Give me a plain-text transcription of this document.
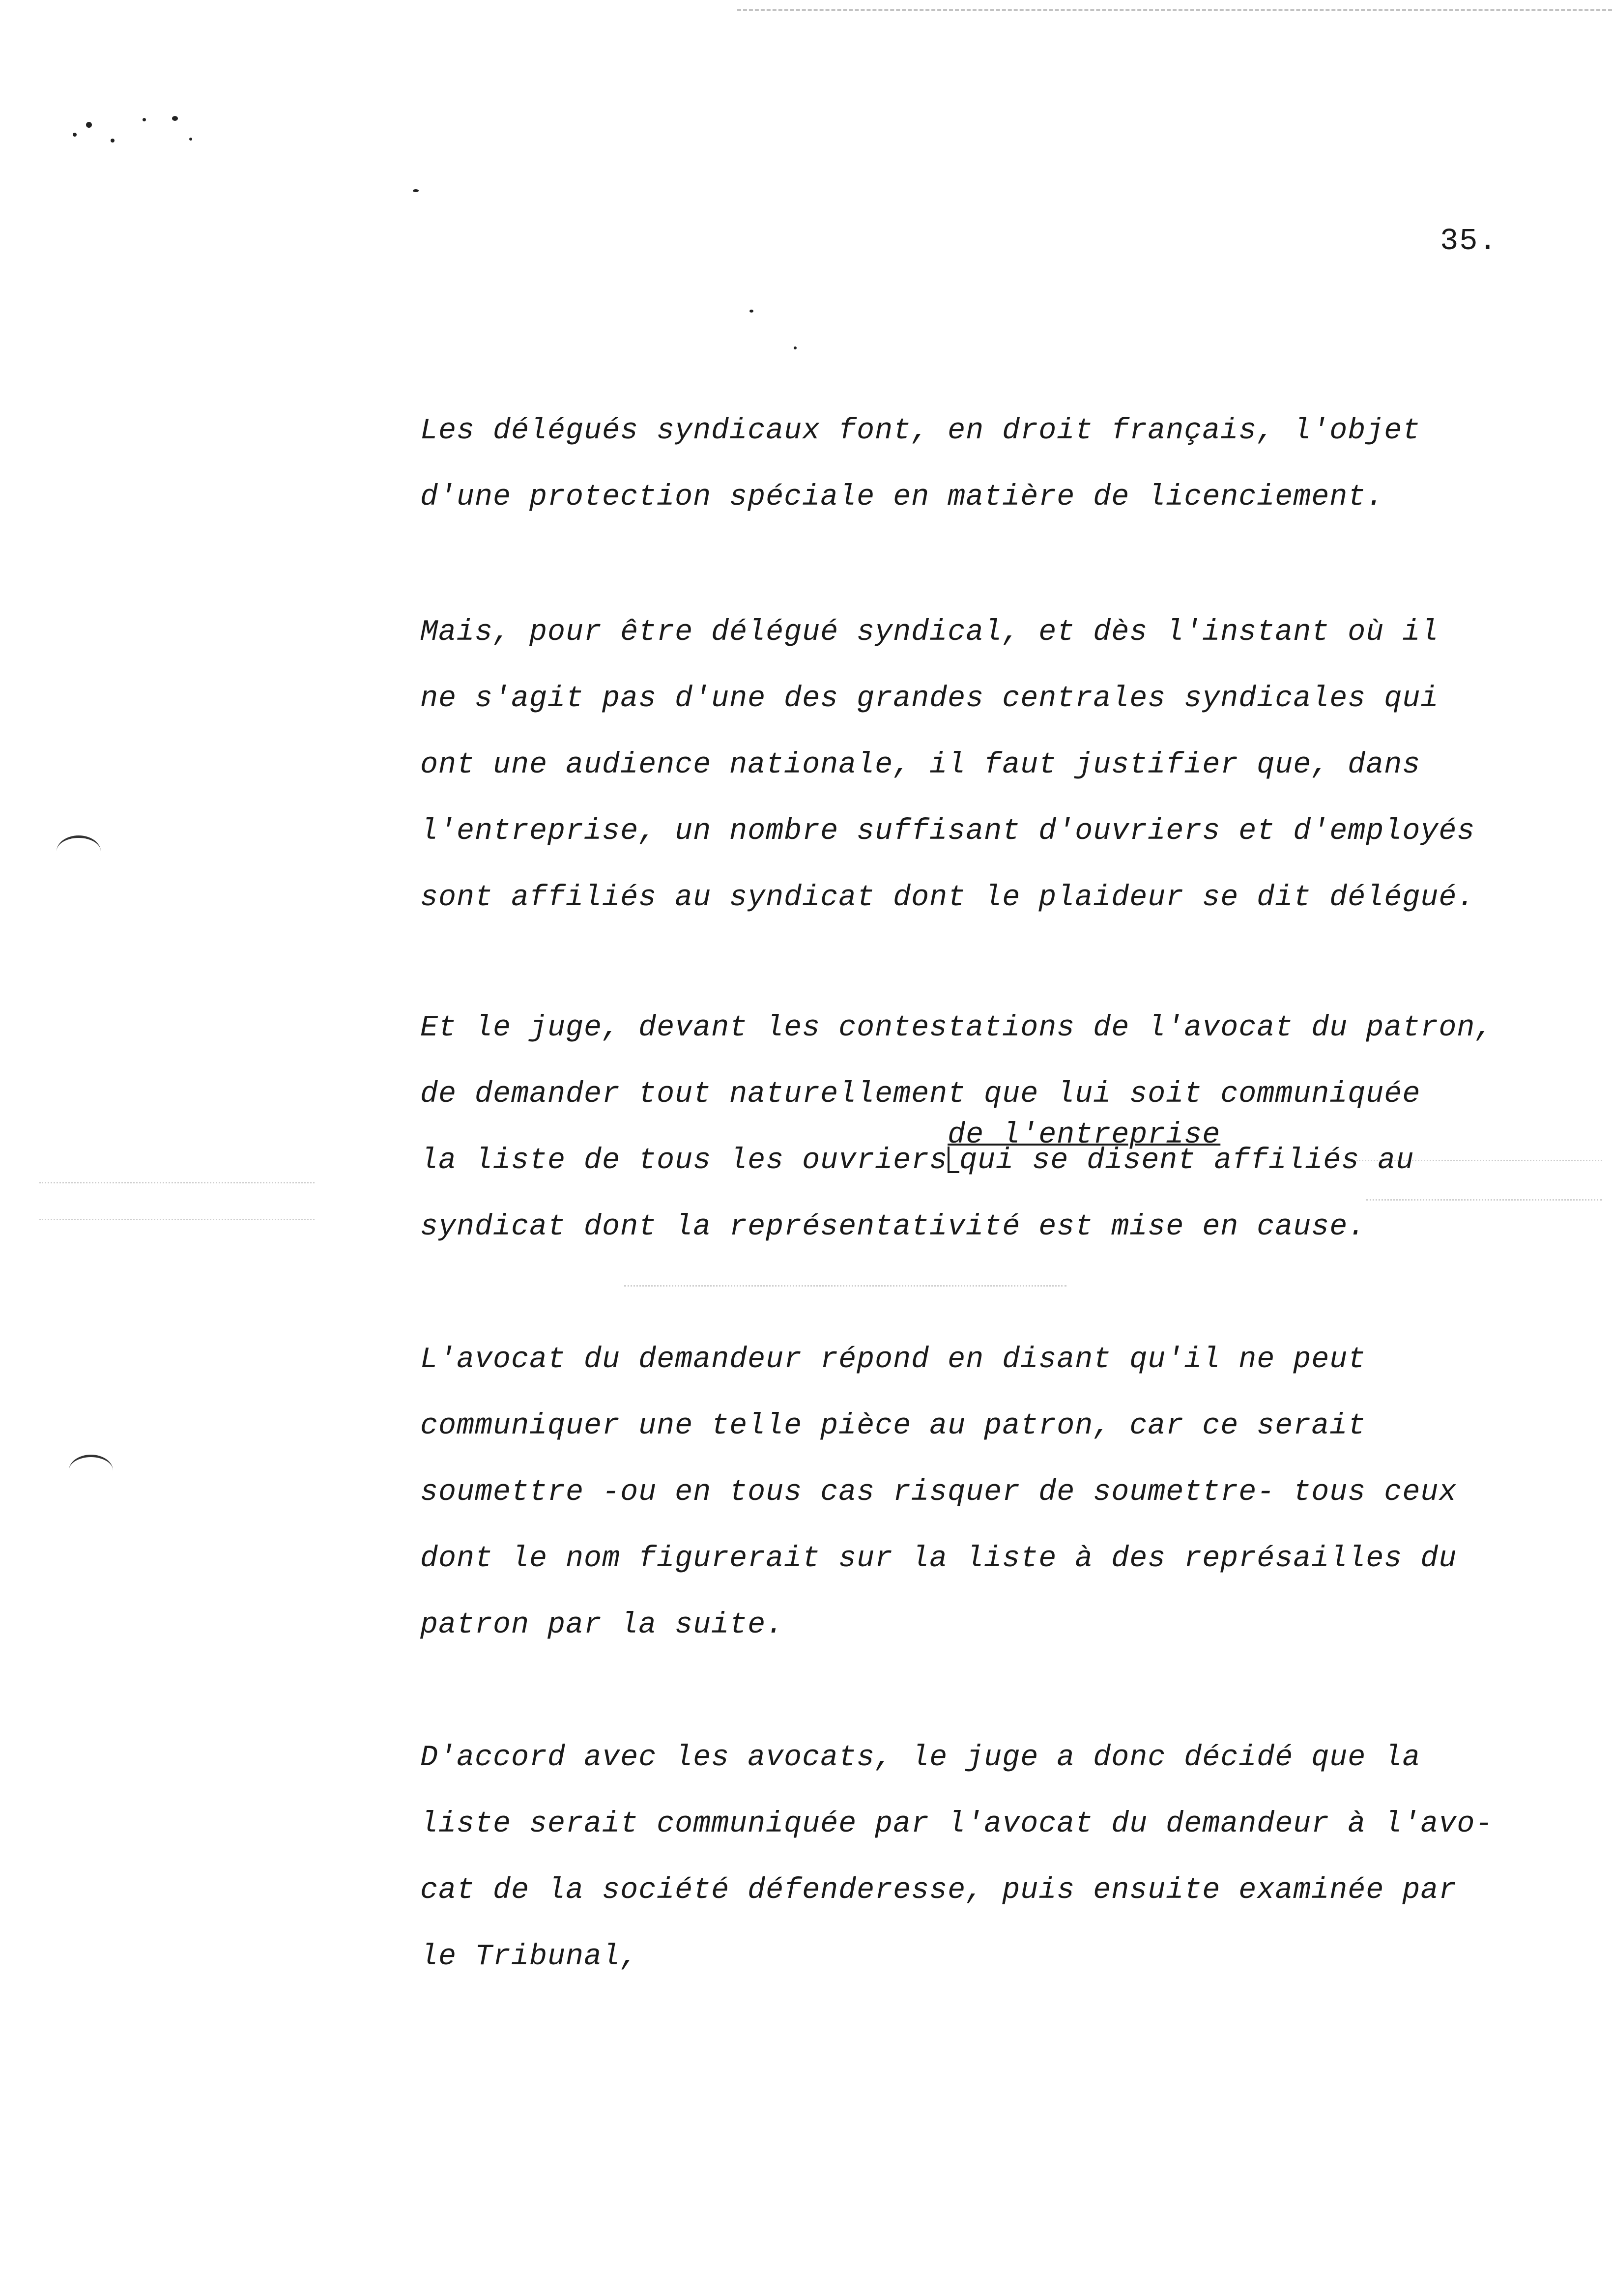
35.
Les délégués syndicaux font, en droit français, l'objet
d'une protection spéciale en matière de licenciement.
Mais, pour être délégué syndical, et dès l'instant où il
ne s'agit pas d'une des grandes centrales syndicales qui
ont une audience nationale, il faut justifier que, dans
l'entreprise, un nombre suffisant d'ouvriers et d'employés
sont affiliés au syndicat dont le plaideur se dit délégué.
Et le juge, devant les contestations de l'avocat du patron,
de demander tout naturellement que lui soit communiquée
la liste de tous les ouvriers
de l'entreprise
qui se disent affiliés au
syndicat dont la représentativité est mise en cause.
L'avocat du demandeur répond en disant qu'il ne peut
communiquer une telle pièce au patron, car ce serait
soumettre -ou en tous cas risquer de soumettre- tous ceux
dont le nom figurerait sur la liste à des représailles du
patron par la suite.
D'accord avec les avocats, le juge a donc décidé que la
liste serait communiquée par l'avocat du demandeur à l'avo-
cat de la société défenderesse, puis ensuite examinée par
le Tribunal,
